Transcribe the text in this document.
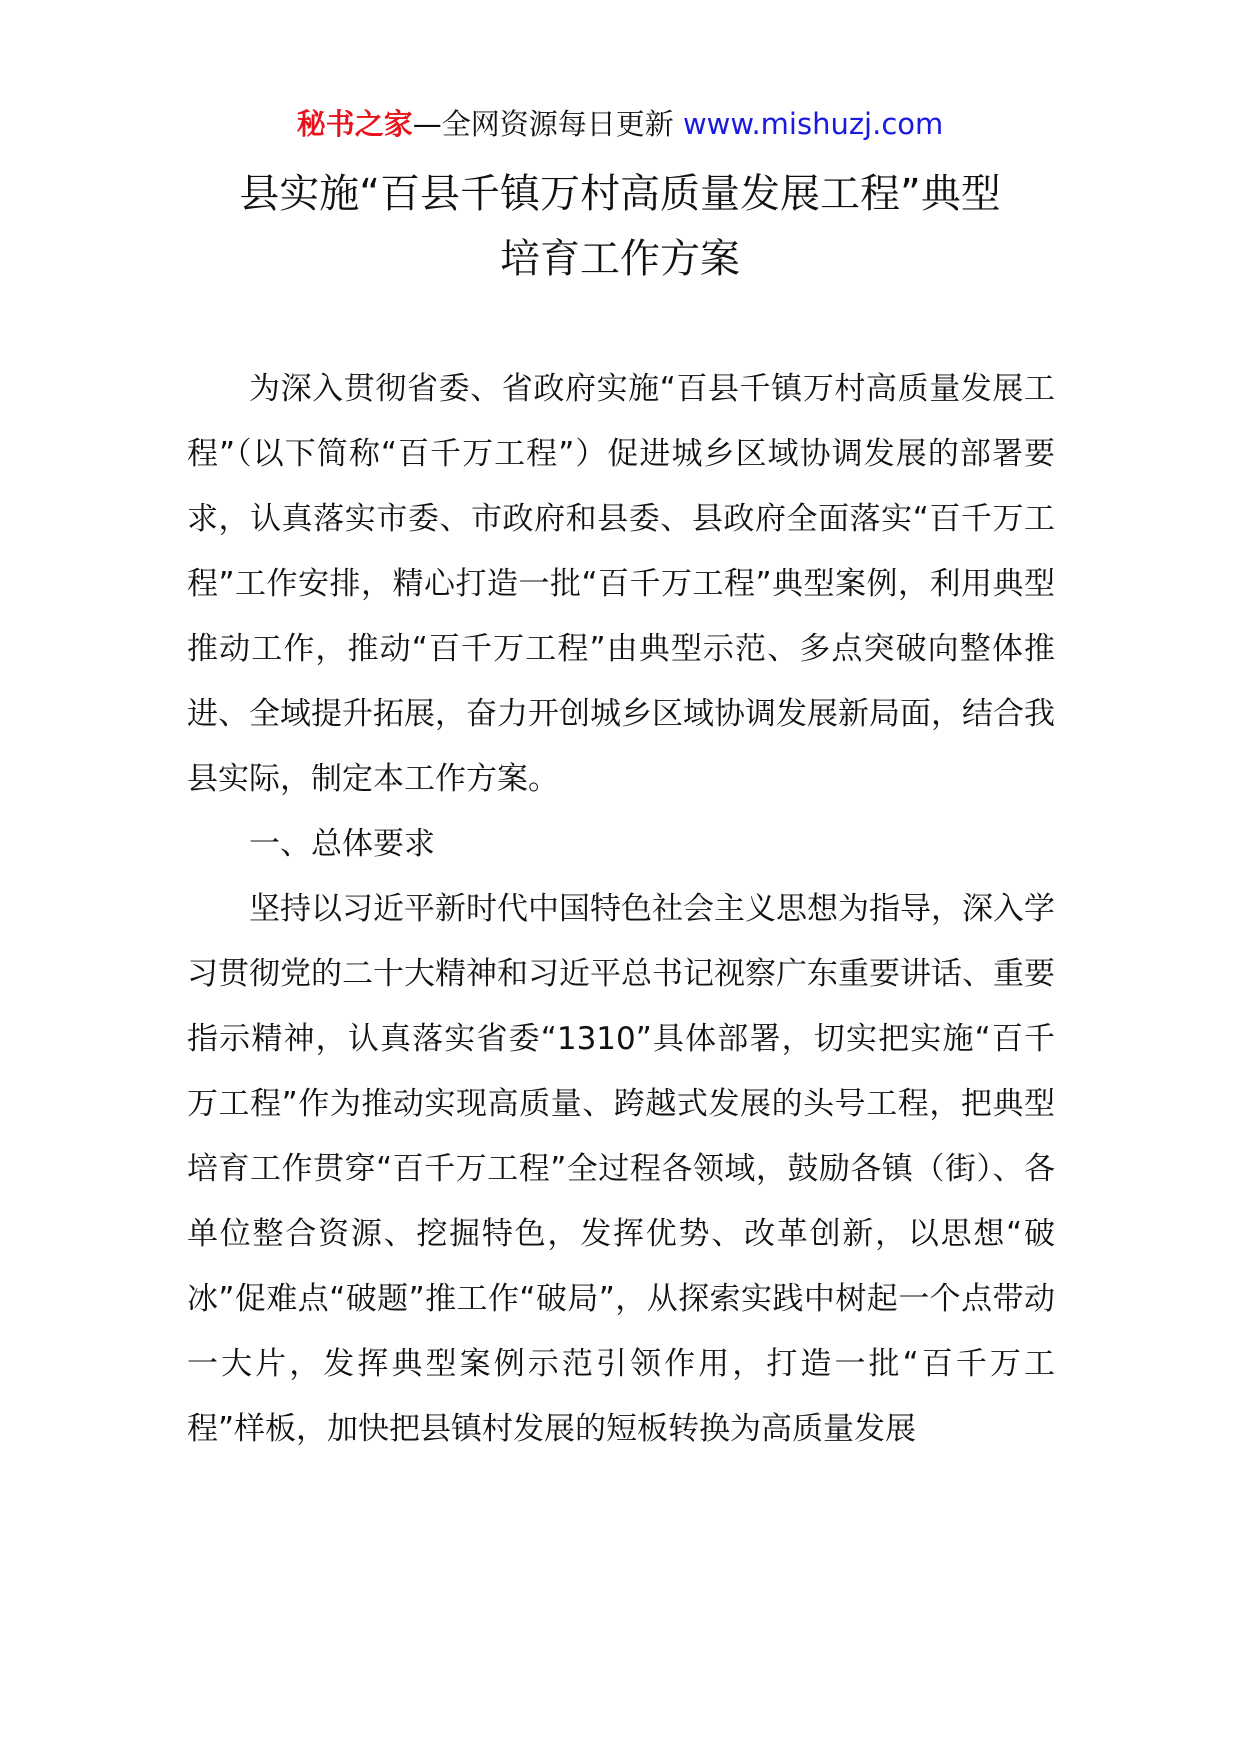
秘书之家—全网资源每日更新 www.mishuzj.com
县实施“百县千镇万村高质量发展工程”典型
培育工作方案

为深入贯彻省委、省政府实施“百县千镇万村高质量发展工程”（以下简称“百千万工程”）促进城乡区域协调发展的部署要求，认真落实市委、市政府和县委、县政府全面落实“百千万工程”工作安排，精心打造一批“百千万工程”典型案例，利用典型推动工作，推动“百千万工程”由典型示范、多点突破向整体推进、全域提升拓展，奋力开创城乡区域协调发展新局面，结合我县实际，制定本工作方案。

一、总体要求

坚持以习近平新时代中国特色社会主义思想为指导，深入学习贯彻党的二十大精神和习近平总书记视察广东重要讲话、重要指示精神，认真落实省委“1310”具体部署，切实把实施“百千万工程”作为推动实现高质量、跨越式发展的头号工程，把典型培育工作贯穿“百千万工程”全过程各领域，鼓励各镇（街）、各单位整合资源、挖掘特色，发挥优势、改革创新，以思想“破冰”促难点“破题”推工作“破局”，从探索实践中树起一个点带动一大片，发挥典型案例示范引领作用，打造一批“百千万工程”样板，加快把县镇村发展的短板转换为高质量发展
